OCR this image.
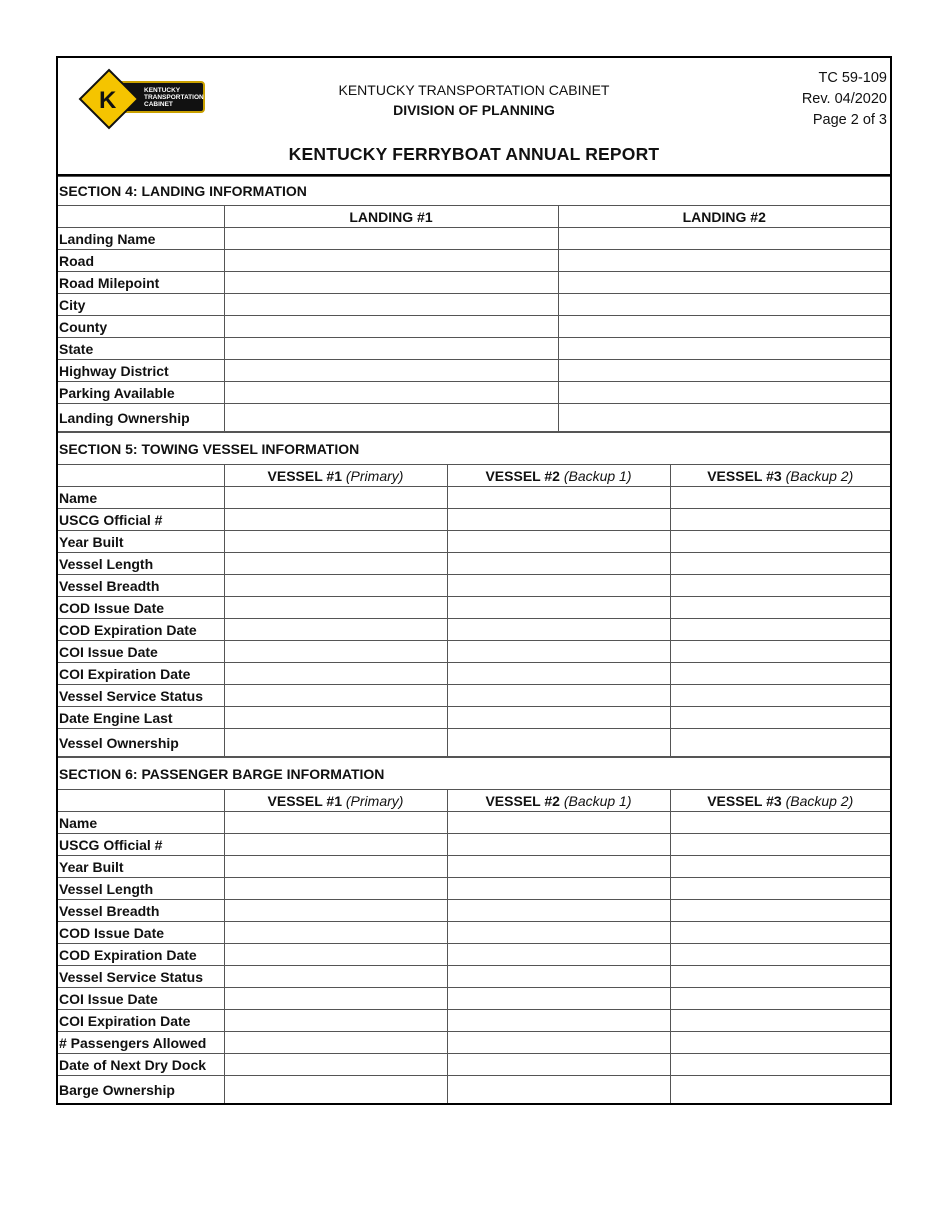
K	KENTUCKY
TRANSPORTATION
CABINET
KENTUCKY TRANSPORTATION CABINET
DIVISION OF PLANNING
TC 59-109
Rev. 04/2020
Page 2 of 3
KENTUCKY FERRYBOAT ANNUAL REPORT
SECTION 4: LANDING INFORMATION		
	LANDING #1	LANDING #2
Landing Name		
Road		
Road Milepoint		
City		
County		
State		
Highway District		
Parking Available		
Landing Ownership		
SECTION 5: TOWING VESSEL INFORMATION			
	VESSEL #1 (Primary)	VESSEL #2 (Backup 1)	VESSEL #3 (Backup 2)
Name			
USCG Official #			
Year Built			
Vessel Length			
Vessel Breadth			
COD Issue Date			
COD Expiration Date			
COI Issue Date			
COI Expiration Date			
Vessel Service Status			
Date Engine Last			
Vessel Ownership			
SECTION 6: PASSENGER BARGE INFORMATION			
	VESSEL #1 (Primary)	VESSEL #2 (Backup 1)	VESSEL #3 (Backup 2)
Name			
USCG Official #			
Year Built			
Vessel Length			
Vessel Breadth			
COD Issue Date			
COD Expiration Date			
Vessel Service Status			
COI Issue Date			
COI Expiration Date			
# Passengers Allowed			
Date of Next Dry Dock			
Barge Ownership			
